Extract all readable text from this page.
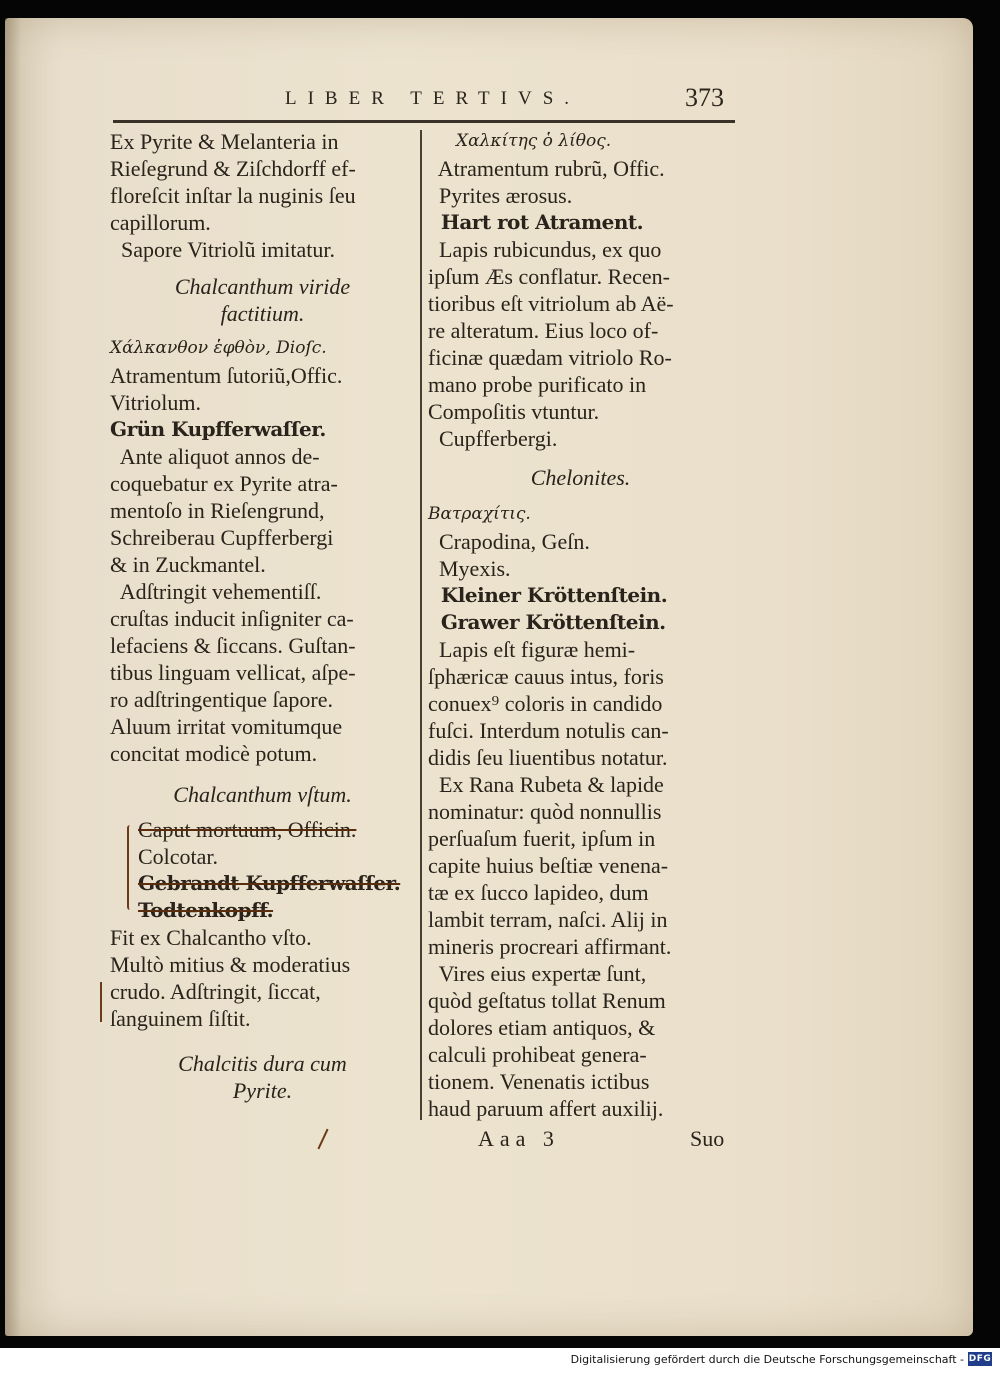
LIBER TERTIVS.	373
Ex Pyrite & Melanteria in
Rieſegrund & Ziſchdorff ef-
floreſcit inſtar la nuginis ſeu
capillorum.
Sapore Vitriolũ imitatur.
Chalcanthum viride
factitium.
Χάλκανθον ἑφθὸν, Dioſc.
Atramentum ſutoriũ,Offic.
Vitriolum.
Grün Kupfferwaſſer.
Ante aliquot annos de-
coquebatur ex Pyrite atra-
mentoſo in Rieſengrund,
Schreiberau Cupfferbergi
& in Zuckmantel.
Adſtringit vehementiſſ.
cruſtas inducit inſigniter ca-
lefaciens & ſiccans. Guſtan-
tibus linguam vellicat, aſpe-
ro adſtringentique ſapore.
Aluum irritat vomitumque
concitat modicè potum.
Chalcanthum vſtum.
Caput mortuum, Officin.
Colcotar.
Gebrandt Kupfferwaſſer.
Todtenkopff.
Fit ex Chalcantho vſto.
Multò mitius & moderatius
crudo. Adſtringit, ſiccat,
ſanguinem ſiſtit.
Chalcitis dura cum
Pyrite.
Χαλκίτης ὁ λίθος.
Atramentum rubrũ, Offic.
Pyrites ærosus.
Hart rot Atrament.
Lapis rubicundus, ex quo
ipſum Æs conflatur. Recen-
tioribus eſt vitriolum ab Aë-
re alteratum. Eius loco of-
ficinæ quædam vitriolo Ro-
mano probe purificato in
Compoſitis vtuntur.
Cupfferbergi.
Chelonites.
Βατραχίτις.
Crapodina, Geſn.
Myexis.
Kleiner Kröttenſtein.
Grawer Kröttenſtein.
Lapis eſt figuræ hemi-
ſphæricæ cauus intus, foris
conuex⁹ coloris in candido
fuſci. Interdum notulis can-
didis ſeu liuentibus notatur.
Ex Rana Rubeta & lapide
nominatur: quòd nonnullis
perſuaſum fuerit, ipſum in
capite huius beſtiæ venena-
tæ ex ſucco lapideo, dum
lambit terram, naſci. Alij in
mineris procreari affirmant.
Vires eius expertæ ſunt,
quòd geſtatus tollat Renum
dolores etiam antiquos, &
calculi prohibeat genera-
tionem. Venenatis ictibus
haud paruum affert auxilij.
Aaa 3	Suo
Digitalisierung gefördert durch die Deutsche Forschungsgemeinschaft - DFG
